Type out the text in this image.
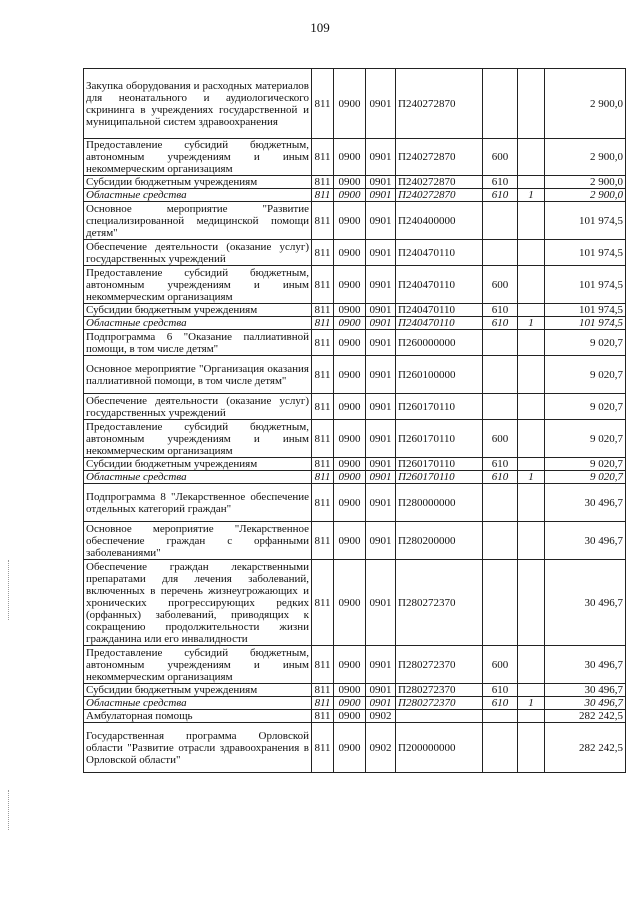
109
Закупка оборудования и расходных материалов для неонатального и аудиологического скрининга в учреждениях государственной и муниципальной систем здравоохранения	811	0900	0901	П240272870			2 900,0
Предоставление субсидий бюджетным, автономным учреждениям и иным некоммерческим организациям	811	0900	0901	П240272870	600		2 900,0
Субсидии бюджетным учреждениям	811	0900	0901	П240272870	610		2 900,0
Областные средства	811	0900	0901	П240272870	610	1	2 900,0
Основное мероприятие "Развитие специализированной медицинской помощи детям"	811	0900	0901	П240400000			101 974,5
Обеспечение деятельности (оказание услуг) государственных учреждений	811	0900	0901	П240470110			101 974,5
Предоставление субсидий бюджетным, автономным учреждениям и иным некоммерческим организациям	811	0900	0901	П240470110	600		101 974,5
Субсидии бюджетным учреждениям	811	0900	0901	П240470110	610		101 974,5
Областные средства	811	0900	0901	П240470110	610	1	101 974,5
Подпрограмма 6 "Оказание паллиативной помощи, в том числе детям"	811	0900	0901	П260000000			9 020,7
Основное мероприятие "Организация оказания паллиативной помощи, в том числе детям"	811	0900	0901	П260100000			9 020,7
Обеспечение деятельности (оказание услуг) государственных учреждений	811	0900	0901	П260170110			9 020,7
Предоставление субсидий бюджетным, автономным учреждениям и иным некоммерческим организациям	811	0900	0901	П260170110	600		9 020,7
Субсидии бюджетным учреждениям	811	0900	0901	П260170110	610		9 020,7
Областные средства	811	0900	0901	П260170110	610	1	9 020,7
Подпрограмма 8 "Лекарственное обеспечение отдельных категорий граждан"	811	0900	0901	П280000000			30 496,7
Основное мероприятие "Лекарственное обеспечение граждан с орфанными заболеваниями"	811	0900	0901	П280200000			30 496,7
Обеспечение граждан лекарственными препаратами для лечения заболеваний, включенных в перечень жизнеугрожающих и хронических прогрессирующих редких (орфанных) заболеваний, приводящих к сокращению продолжительности жизни гражданина или его инвалидности	811	0900	0901	П280272370			30 496,7
Предоставление субсидий бюджетным, автономным учреждениям и иным некоммерческим организациям	811	0900	0901	П280272370	600		30 496,7
Субсидии бюджетным учреждениям	811	0900	0901	П280272370	610		30 496,7
Областные средства	811	0900	0901	П280272370	610	1	30 496,7
Амбулаторная помощь	811	0900	0902				282 242,5
Государственная программа Орловской области "Развитие отрасли здравоохранения в Орловской области"	811	0900	0902	П200000000			282 242,5
